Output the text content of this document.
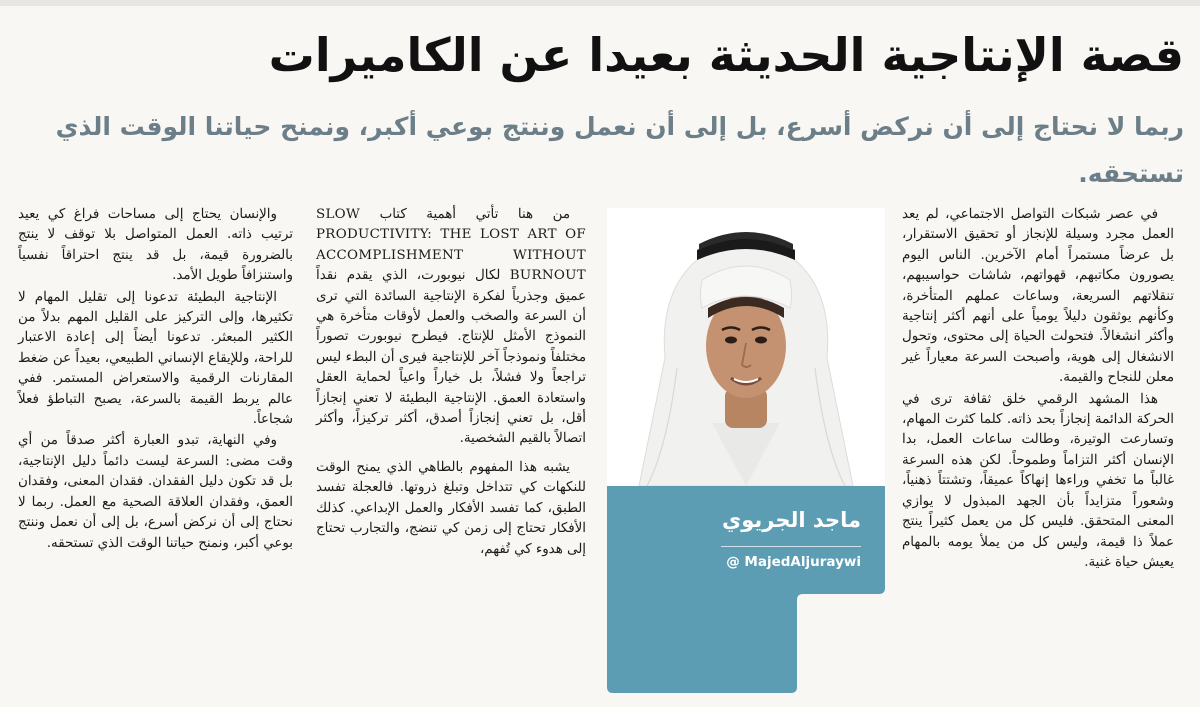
قصة الإنتاجية الحديثة بعيدا عن الكاميرات
ربما لا نحتاج إلى أن نركض أسرع، بل إلى أن نعمل وننتج بوعي أكبر، ونمنح حياتنا الوقت الذي تستحقه.

في عصر شبكات التواصل الاجتماعي، لم يعد العمل مجرد وسيلة للإنجاز أو تحقيق الاستقرار، بل عرضاً مستمراً أمام الآخرين. الناس اليوم يصورون مكاتبهم، قهواتهم، شاشات حواسيبهم، تنقلاتهم السريعة، وساعات عملهم المتأخرة، وكأنهم يوثقون دليلاً يومياً على أنهم أكثر إنتاجية وأكثر انشغالاً. فتحولت الحياة إلى محتوى، وتحول الانشغال إلى هوية، وأصبحت السرعة معياراً غير معلن للنجاح والقيمة.

هذا المشهد الرقمي خلق ثقافة ترى في الحركة الدائمة إنجازاً بحد ذاته. كلما كثرت المهام، وتسارعت الوتيرة، وطالت ساعات العمل، بدا الإنسان أكثر التزاماً وطموحاً. لكن هذه السرعة غالباً ما تخفي وراءها إنهاكاً عميقاً، وتشتتاً ذهنياً، وشعوراً متزايداً بأن الجهد المبذول لا يوازي المعنى المتحقق. فليس كل من يعمل كثيراً ينتج عملاً ذا قيمة، وليس كل من يملأ يومه بالمهام يعيش حياة غنية.

من هنا تأتي أهمية كتاب SLOW PRODUCTIVITY: THE LOST ART OF ACCOMPLISHMENT WITHOUT BURNOUT لكال نيوبورت، الذي يقدم نقداً عميق وجذرياً لفكرة الإنتاجية السائدة التي ترى أن السرعة والصخب والعمل لأوقات متأخرة هي النموذج الأمثل للإنتاج. فيطرح نيوبورت تصوراً مختلفاً ونموذجاً آخر للإنتاجية فيرى أن البطء ليس تراجعاً ولا فشلاً، بل خياراً واعياً لحماية العقل واستعادة العمق. الإنتاجية البطيئة لا تعني إنجازاً أقل، بل تعني إنجازاً أصدق، أكثر تركيزاً، وأكثر اتصالاً بالقيم الشخصية.

يشبه هذا المفهوم بالطاهي الذي يمنح الوقت للنكهات كي تتداخل وتبلغ ذروتها. فالعجلة تفسد الطبق، كما تفسد الأفكار والعمل الإبداعي. كذلك الأفكار تحتاج إلى زمن كي تنضج، والتجارب تحتاج إلى هدوء كي تُفهم،

والإنسان يحتاج إلى مساحات فراغ كي يعيد ترتيب ذاته. العمل المتواصل بلا توقف لا ينتج بالضرورة قيمة، بل قد ينتج احتراقاً نفسياً واستنزافاً طويل الأمد.

الإنتاجية البطيئة تدعونا إلى تقليل المهام لا تكثيرها، وإلى التركيز على القليل المهم بدلاً من الكثير المبعثر. تدعونا أيضاً إلى إعادة الاعتبار للراحة، وللإيقاع الإنساني الطبيعي، بعيداً عن ضغط المقارنات الرقمية والاستعراض المستمر. ففي عالم يربط القيمة بالسرعة، يصبح التباطؤ فعلاً شجاعاً.

وفي النهاية، تبدو العبارة أكثر صدقاً من أي وقت مضى: السرعة ليست دائماً دليل الإنتاجية، بل قد تكون دليل الفقدان. فقدان المعنى، وفقدان العمق، وفقدان العلاقة الصحية مع العمل. ربما لا نحتاج إلى أن نركض أسرع، بل إلى أن نعمل وننتج بوعي أكبر، ونمنح حياتنا الوقت الذي تستحقه.

ماجد الجريوي
@ MajedAljuraywi
